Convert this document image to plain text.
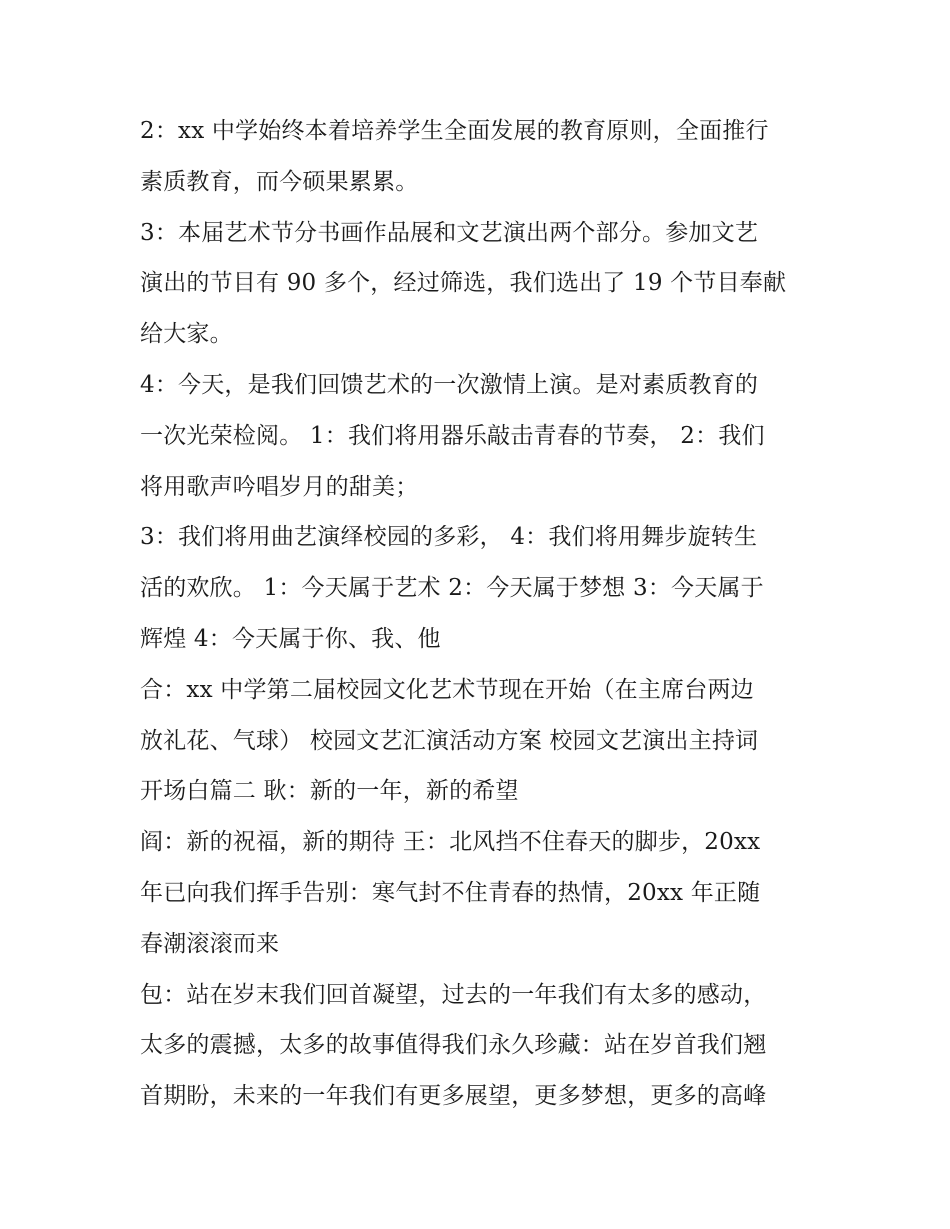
2：xx 中学始终本着培养学生全面发展的教育原则，全面推行
素质教育，而今硕果累累。
3：本届艺术节分书画作品展和文艺演出两个部分。参加文艺
演出的节目有 90 多个，经过筛选，我们选出了 19 个节目奉献
给大家。
4：今天，是我们回馈艺术的一次激情上演。是对素质教育的
一次光荣检阅。 1：我们将用器乐敲击青春的节奏， 2：我们
将用歌声吟唱岁月的甜美；
3：我们将用曲艺演绎校园的多彩， 4：我们将用舞步旋转生
活的欢欣。 1：今天属于艺术 2：今天属于梦想 3：今天属于
辉煌 4：今天属于你、我、他
合：xx 中学第二届校园文化艺术节现在开始（在主席台两边
放礼花、气球） 校园文艺汇演活动方案 校园文艺演出主持词
开场白篇二 耿：新的一年，新的希望
阎：新的祝福，新的期待 王：北风挡不住春天的脚步，20xx
年已向我们挥手告别：寒气封不住青春的热情，20xx 年正随
春潮滚滚而来
包：站在岁末我们回首凝望，过去的一年我们有太多的感动，
太多的震撼，太多的故事值得我们永久珍藏：站在岁首我们翘
首期盼，未来的一年我们有更多展望，更多梦想，更多的高峰
